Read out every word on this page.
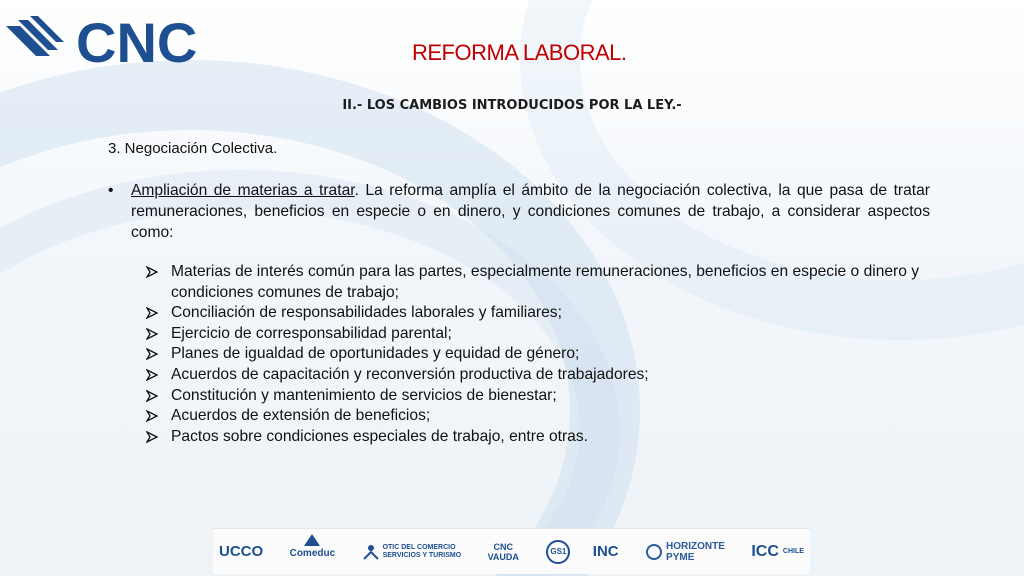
CNC	REFORMA LABORAL.
II.- LOS CAMBIOS INTRODUCIDOS POR LA LEY.-
3. Negociación Colectiva.
• Ampliación de materias a tratar. La reforma amplía el ámbito de la negociación colectiva, la que pasa de tratar remuneraciones, beneficios en especie o en dinero, y condiciones comunes de trabajo, a considerar aspectos como:

Materias de interés común para las partes, especialmente remuneraciones, beneficios en especie o dinero y condiciones comunes de trabajo;
Conciliación de responsabilidades laborales y familiares;
Ejercicio de corresponsabilidad parental;
Planes de igualdad de oportunidades y equidad de género;
Acuerdos de capacitación y reconversión productiva de trabajadores;
Constitución y mantenimiento de servicios de bienestar;
Acuerdos de extensión de beneficios;
Pactos sobre condiciones especiales de trabajo, entre otras.
UCCO	Comeduc
OTIC DEL COMERCIO
SERVICIOS Y TURISMO
CNC
VAUDA	GS1 INC	HORIZONTE
PYME	ICC CHILE
